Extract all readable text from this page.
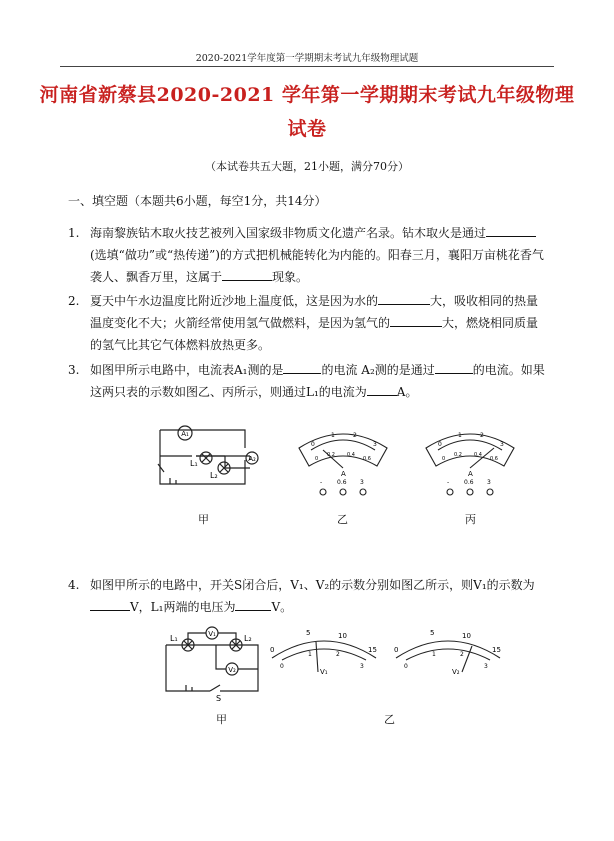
2020-2021学年度第一学期期末考试九年级物理试题
河南省新蔡县2020-2021 学年第一学期期末考试九年级物理
试卷
（本试卷共五大题，21小题，满分70分）
一、填空题（本题共6小题，每空1分，共14分）
1. 海南黎族钻木取火技艺被列入国家级非物质文化遗产名录。钻木取火是通过(选填“做功”或“热传递”)的方式把机械能转化为内能的。阳春三月，襄阳万亩桃花香气袭人、飘香万里，这属于	现象。
2. 夏天中午水边温度比附近沙地上温度低，这是因为水的	大，吸收相同的热量温度变化不大；火箭经常使用氢气做燃料，是因为氢气的	大，燃烧相同质量的氢气比其它气体燃料放热更多。
3. 如图甲所示电路中，电流表A₁测的是	的电流 A₂测的是通过	的电流。如果这两只表的示数如图乙、丙所示，则通过L₁的电流为	A。
A₁
A₂
L₁
L₂
甲
0
1	2
3
0
0.2 0.4
0.6
A
- 0.6 3
乙
0
1	2
3
0
0.2 0.4
0.6
A
- 0.6 3
丙
4. 如图甲所示的电路中，开关S闭合后，V₁、V₂的示数分别如图乙所示，则V₁的示数为V，L₁两端的电压为	V。
V₁
V₂
L₁	L₂
S
甲
0
5	10
15
0
1	2
3
V₁
0
5	10
15
0
1	2
3
V₂
乙
